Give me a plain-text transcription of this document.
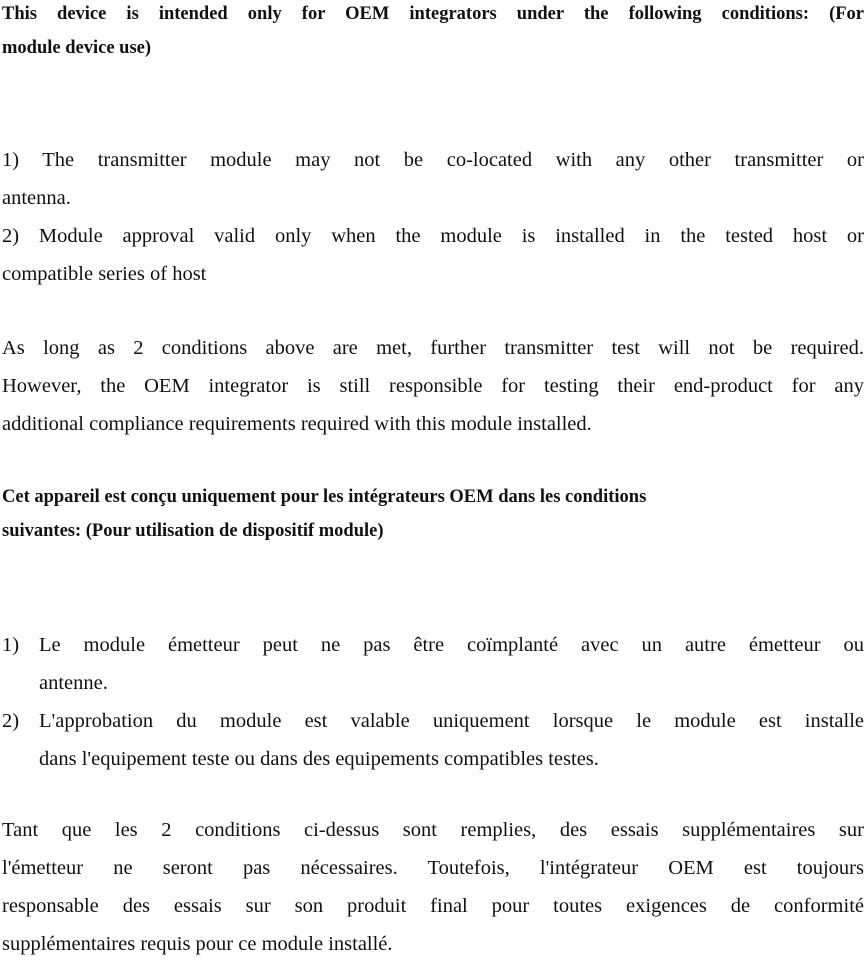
This device is intended only for OEM integrators under the following conditions: (For
module device use)
1) The transmitter module may not be co-located with any other transmitter or
antenna.
2) Module approval valid only when the module is installed in the tested host or
compatible series of host
As long as 2 conditions above are met, further transmitter test will not be required.
However, the OEM integrator is still responsible for testing their end-product for any
additional compliance requirements required with this module installed.
Cet appareil est conçu uniquement pour les intégrateurs OEM dans les conditions
suivantes: (Pour utilisation de dispositif module)
1) Le module émetteur peut ne pas être coïmplanté avec un autre émetteur ou
antenne.
2) L'approbation du module est valable uniquement lorsque le module est installe
dans l'equipement teste ou dans des equipements compatibles testes.
Tant que les 2 conditions ci-dessus sont remplies, des essais supplémentaires sur
l'émetteur ne seront pas nécessaires. Toutefois, l'intégrateur OEM est toujours
responsable des essais sur son produit final pour toutes exigences de conformité
supplémentaires requis pour ce module installé.
